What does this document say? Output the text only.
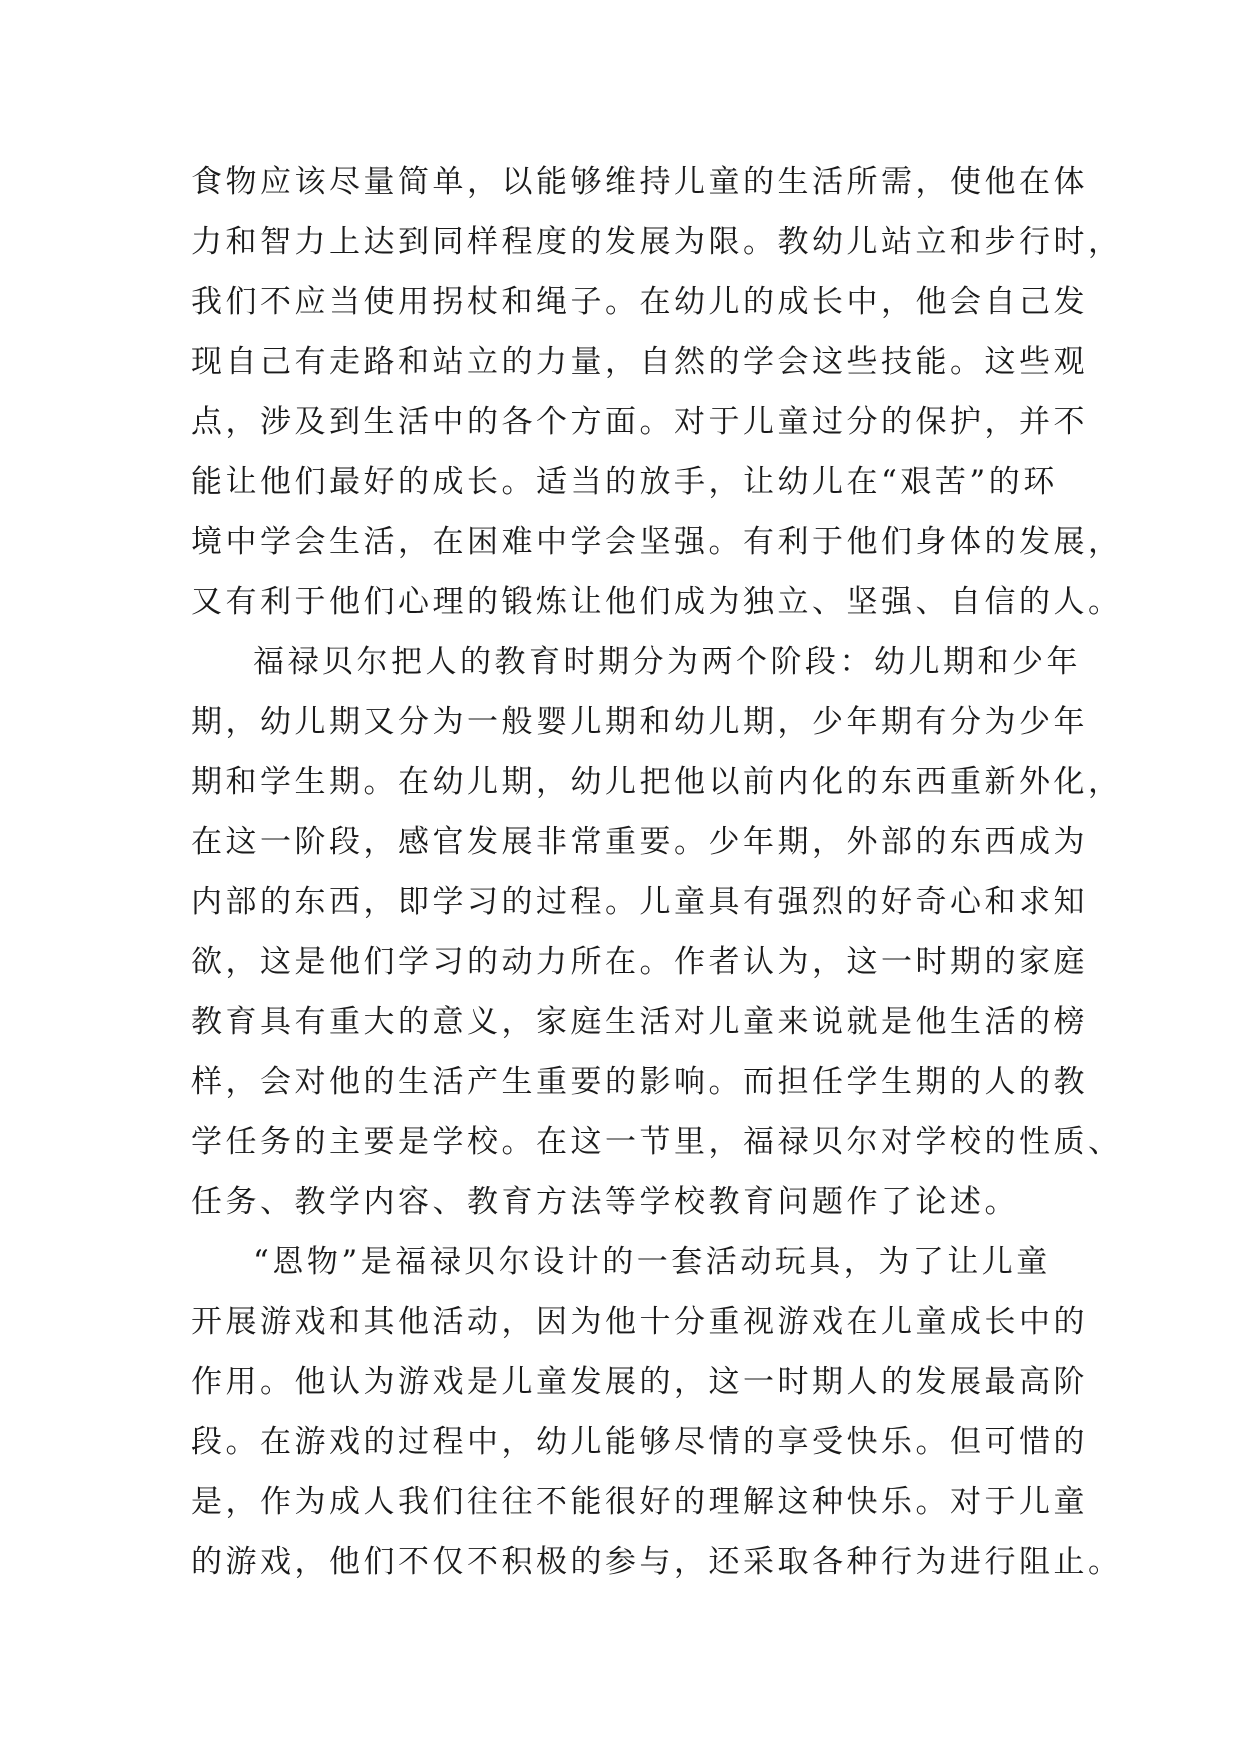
食物应该尽量简单，以能够维持儿童的生活所需，使他在体
力和智力上达到同样程度的发展为限。教幼儿站立和步行时，
我们不应当使用拐杖和绳子。在幼儿的成长中，他会自己发
现自己有走路和站立的力量，自然的学会这些技能。这些观
点，涉及到生活中的各个方面。对于儿童过分的保护，并不
能让他们最好的成长。适当的放手，让幼儿在“艰苦”的环
境中学会生活，在困难中学会坚强。有利于他们身体的发展，
又有利于他们心理的锻炼让他们成为独立、坚强、自信的人。
福禄贝尔把人的教育时期分为两个阶段：幼儿期和少年
期，幼儿期又分为一般婴儿期和幼儿期，少年期有分为少年
期和学生期。在幼儿期，幼儿把他以前内化的东西重新外化，
在这一阶段，感官发展非常重要。少年期，外部的东西成为
内部的东西，即学习的过程。儿童具有强烈的好奇心和求知
欲，这是他们学习的动力所在。作者认为，这一时期的家庭
教育具有重大的意义，家庭生活对儿童来说就是他生活的榜
样，会对他的生活产生重要的影响。而担任学生期的人的教
学任务的主要是学校。在这一节里，福禄贝尔对学校的性质、
任务、教学内容、教育方法等学校教育问题作了论述。
“恩物”是福禄贝尔设计的一套活动玩具，为了让儿童
开展游戏和其他活动，因为他十分重视游戏在儿童成长中的
作用。他认为游戏是儿童发展的，这一时期人的发展最高阶
段。在游戏的过程中，幼儿能够尽情的享受快乐。但可惜的
是，作为成人我们往往不能很好的理解这种快乐。对于儿童
的游戏，他们不仅不积极的参与，还采取各种行为进行阻止。
